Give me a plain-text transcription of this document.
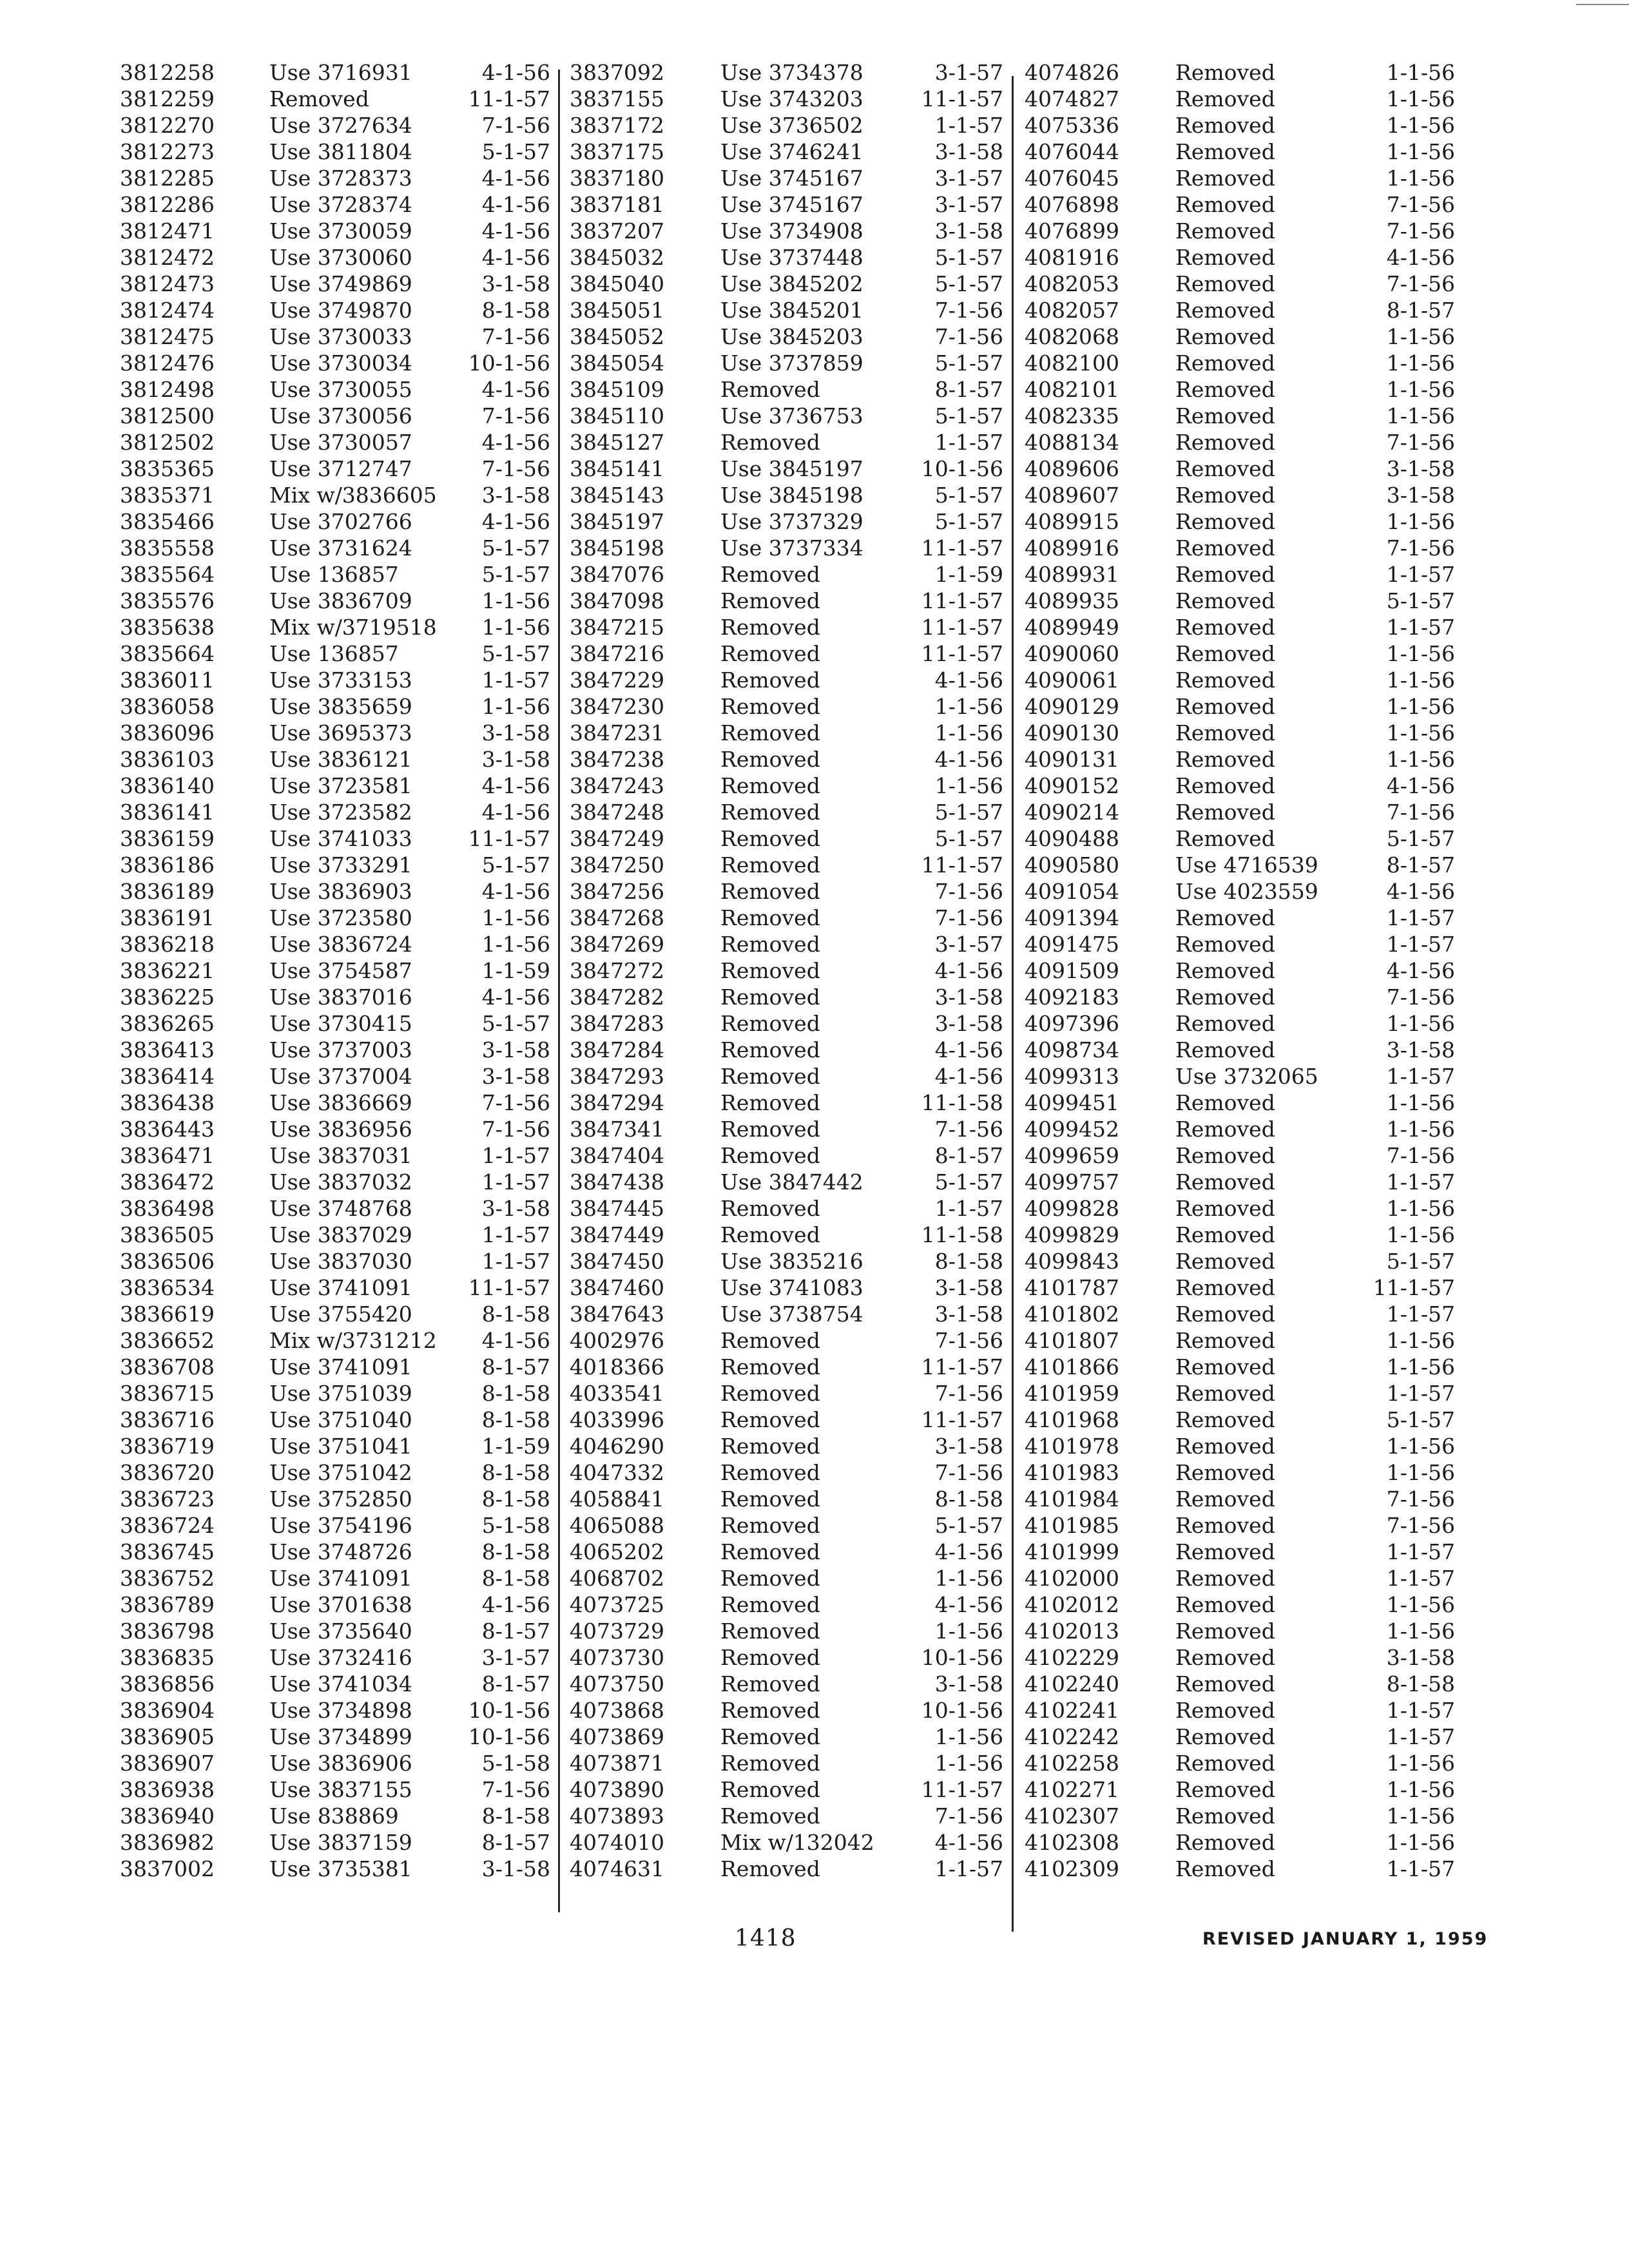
3812258	Use 3716931	4-1-56
3812259	Removed	11-1-57
3812270	Use 3727634	7-1-56
3812273	Use 3811804	5-1-57
3812285	Use 3728373	4-1-56
3812286	Use 3728374	4-1-56
3812471	Use 3730059	4-1-56
3812472	Use 3730060	4-1-56
3812473	Use 3749869	3-1-58
3812474	Use 3749870	8-1-58
3812475	Use 3730033	7-1-56
3812476	Use 3730034	10-1-56
3812498	Use 3730055	4-1-56
3812500	Use 3730056	7-1-56
3812502	Use 3730057	4-1-56
3835365	Use 3712747	7-1-56
3835371	Mix w/3836605 3-1-58
3835466	Use 3702766	4-1-56
3835558	Use 3731624	5-1-57
3835564	Use 136857	5-1-57
3835576	Use 3836709	1-1-56
3835638	Mix w/3719518 1-1-56
3835664	Use 136857	5-1-57
3836011	Use 3733153	1-1-57
3836058	Use 3835659	1-1-56
3836096	Use 3695373	3-1-58
3836103	Use 3836121	3-1-58
3836140	Use 3723581	4-1-56
3836141	Use 3723582	4-1-56
3836159	Use 3741033	11-1-57
3836186	Use 3733291	5-1-57
3836189	Use 3836903	4-1-56
3836191	Use 3723580	1-1-56
3836218	Use 3836724	1-1-56
3836221	Use 3754587	1-1-59
3836225	Use 3837016	4-1-56
3836265	Use 3730415	5-1-57
3836413	Use 3737003	3-1-58
3836414	Use 3737004	3-1-58
3836438	Use 3836669	7-1-56
3836443	Use 3836956	7-1-56
3836471	Use 3837031	1-1-57
3836472	Use 3837032	1-1-57
3836498	Use 3748768	3-1-58
3836505	Use 3837029	1-1-57
3836506	Use 3837030	1-1-57
3836534	Use 3741091	11-1-57
3836619	Use 3755420	8-1-58
3836652	Mix w/3731212 4-1-56
3836708	Use 3741091	8-1-57
3836715	Use 3751039	8-1-58
3836716	Use 3751040	8-1-58
3836719	Use 3751041	1-1-59
3836720	Use 3751042	8-1-58
3836723	Use 3752850	8-1-58
3836724	Use 3754196	5-1-58
3836745	Use 3748726	8-1-58
3836752	Use 3741091	8-1-58
3836789	Use 3701638	4-1-56
3836798	Use 3735640	8-1-57
3836835	Use 3732416	3-1-57
3836856	Use 3741034	8-1-57
3836904	Use 3734898	10-1-56
3836905	Use 3734899	10-1-56
3836907	Use 3836906	5-1-58
3836938	Use 3837155	7-1-56
3836940	Use 838869	8-1-58
3836982	Use 3837159	8-1-57
3837002	Use 3735381	3-1-58
3837092	Use 3734378	3-1-57
3837155	Use 3743203	11-1-57
3837172	Use 3736502	1-1-57
3837175	Use 3746241	3-1-58
3837180	Use 3745167	3-1-57
3837181	Use 3745167	3-1-57
3837207	Use 3734908	3-1-58
3845032	Use 3737448	5-1-57
3845040	Use 3845202	5-1-57
3845051	Use 3845201	7-1-56
3845052	Use 3845203	7-1-56
3845054	Use 3737859	5-1-57
3845109	Removed	8-1-57
3845110	Use 3736753	5-1-57
3845127	Removed	1-1-57
3845141	Use 3845197	10-1-56
3845143	Use 3845198	5-1-57
3845197	Use 3737329	5-1-57
3845198	Use 3737334	11-1-57
3847076	Removed	1-1-59
3847098	Removed	11-1-57
3847215	Removed	11-1-57
3847216	Removed	11-1-57
3847229	Removed	4-1-56
3847230	Removed	1-1-56
3847231	Removed	1-1-56
3847238	Removed	4-1-56
3847243	Removed	1-1-56
3847248	Removed	5-1-57
3847249	Removed	5-1-57
3847250	Removed	11-1-57
3847256	Removed	7-1-56
3847268	Removed	7-1-56
3847269	Removed	3-1-57
3847272	Removed	4-1-56
3847282	Removed	3-1-58
3847283	Removed	3-1-58
3847284	Removed	4-1-56
3847293	Removed	4-1-56
3847294	Removed	11-1-58
3847341	Removed	7-1-56
3847404	Removed	8-1-57
3847438	Use 3847442	5-1-57
3847445	Removed	1-1-57
3847449	Removed	11-1-58
3847450	Use 3835216	8-1-58
3847460	Use 3741083	3-1-58
3847643	Use 3738754	3-1-58
4002976	Removed	7-1-56
4018366	Removed	11-1-57
4033541	Removed	7-1-56
4033996	Removed	11-1-57
4046290	Removed	3-1-58
4047332	Removed	7-1-56
4058841	Removed	8-1-58
4065088	Removed	5-1-57
4065202	Removed	4-1-56
4068702	Removed	1-1-56
4073725	Removed	4-1-56
4073729	Removed	1-1-56
4073730	Removed	10-1-56
4073750	Removed	3-1-58
4073868	Removed	10-1-56
4073869	Removed	1-1-56
4073871	Removed	1-1-56
4073890	Removed	11-1-57
4073893	Removed	7-1-56
4074010	Mix w/132042	4-1-56
4074631	Removed	1-1-57
4074826	Removed	1-1-56
4074827	Removed	1-1-56
4075336	Removed	1-1-56
4076044	Removed	1-1-56
4076045	Removed	1-1-56
4076898	Removed	7-1-56
4076899	Removed	7-1-56
4081916	Removed	4-1-56
4082053	Removed	7-1-56
4082057	Removed	8-1-57
4082068	Removed	1-1-56
4082100	Removed	1-1-56
4082101	Removed	1-1-56
4082335	Removed	1-1-56
4088134	Removed	7-1-56
4089606	Removed	3-1-58
4089607	Removed	3-1-58
4089915	Removed	1-1-56
4089916	Removed	7-1-56
4089931	Removed	1-1-57
4089935	Removed	5-1-57
4089949	Removed	1-1-57
4090060	Removed	1-1-56
4090061	Removed	1-1-56
4090129	Removed	1-1-56
4090130	Removed	1-1-56
4090131	Removed	1-1-56
4090152	Removed	4-1-56
4090214	Removed	7-1-56
4090488	Removed	5-1-57
4090580	Use 4716539	8-1-57
4091054	Use 4023559	4-1-56
4091394	Removed	1-1-57
4091475	Removed	1-1-57
4091509	Removed	4-1-56
4092183	Removed	7-1-56
4097396	Removed	1-1-56
4098734	Removed	3-1-58
4099313	Use 3732065	1-1-57
4099451	Removed	1-1-56
4099452	Removed	1-1-56
4099659	Removed	7-1-56
4099757	Removed	1-1-57
4099828	Removed	1-1-56
4099829	Removed	1-1-56
4099843	Removed	5-1-57
4101787	Removed	11-1-57
4101802	Removed	1-1-57
4101807	Removed	1-1-56
4101866	Removed	1-1-56
4101959	Removed	1-1-57
4101968	Removed	5-1-57
4101978	Removed	1-1-56
4101983	Removed	1-1-56
4101984	Removed	7-1-56
4101985	Removed	7-1-56
4101999	Removed	1-1-57
4102000	Removed	1-1-57
4102012	Removed	1-1-56
4102013	Removed	1-1-56
4102229	Removed	3-1-58
4102240	Removed	8-1-58
4102241	Removed	1-1-57
4102242	Removed	1-1-57
4102258	Removed	1-1-56
4102271	Removed	1-1-56
4102307	Removed	1-1-56
4102308	Removed	1-1-56
4102309	Removed	1-1-57
1418	REVISED JANUARY 1, 1959
